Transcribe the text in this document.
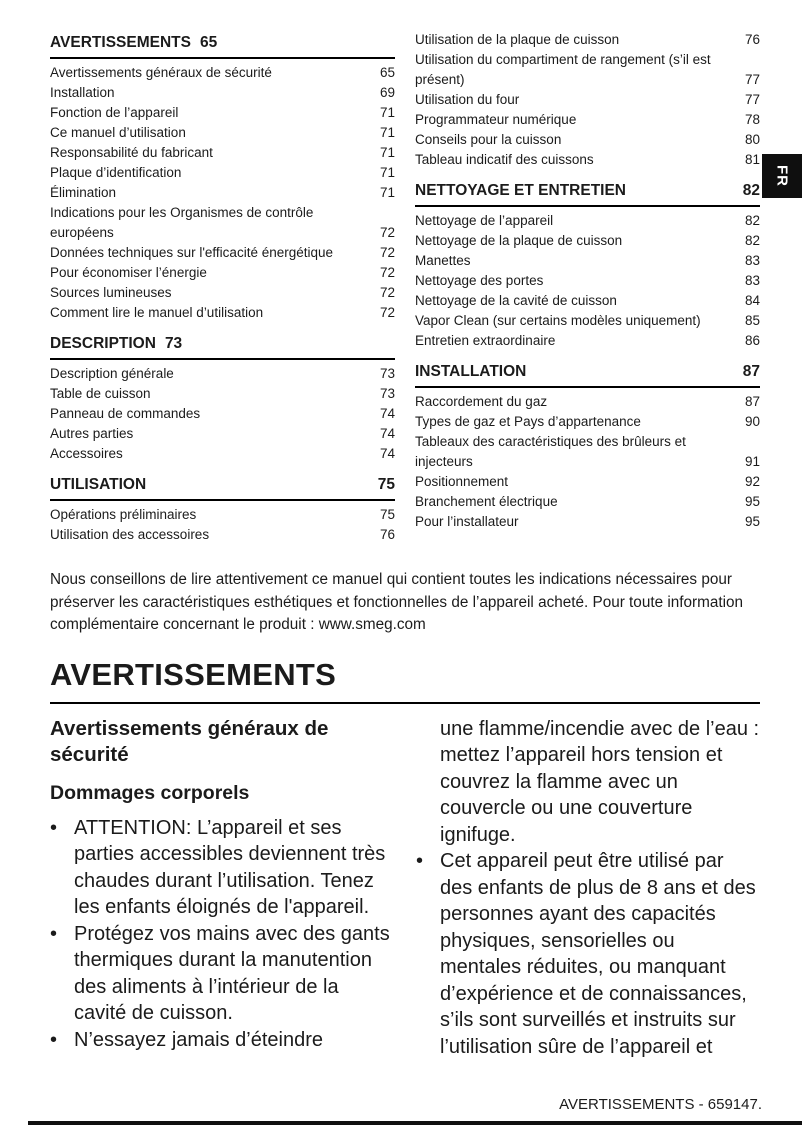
FR
AVERTISSEMENTS 65
Avertissements généraux de sécurité	65
Installation	69
Fonction de l’appareil	71
Ce manuel d’utilisation	71
Responsabilité du fabricant	71
Plaque d’identification	71
Élimination	71
Indications pour les Organismes de contrôle européens	72
Données techniques sur l'efficacité énergétique	72
Pour économiser l’énergie	72
Sources lumineuses	72
Comment lire le manuel d’utilisation	72
DESCRIPTION 73
Description générale	73
Table de cuisson	73
Panneau de commandes	74
Autres parties	74
Accessoires	74
UTILISATION	75
Opérations préliminaires	75
Utilisation des accessoires	76
Utilisation de la plaque de cuisson	76
Utilisation du compartiment de rangement (s’il est présent)	77
Utilisation du four	77
Programmateur numérique	78
Conseils pour la cuisson	80
Tableau indicatif des cuissons	81
NETTOYAGE ET ENTRETIEN	82
Nettoyage de l’appareil	82
Nettoyage de la plaque de cuisson	82
Manettes	83
Nettoyage des portes	83
Nettoyage de la cavité de cuisson	84
Vapor Clean (sur certains modèles uniquement)	85
Entretien extraordinaire	86
INSTALLATION	87
Raccordement du gaz	87
Types de gaz et Pays d’appartenance	90
Tableaux des caractéristiques des brûleurs et injecteurs	91
Positionnement	92
Branchement électrique	95
Pour l’installateur	95

Nous conseillons de lire attentivement ce manuel qui contient toutes les indications nécessaires pour préserver les caractéristiques esthétiques et fonctionnelles de l’appareil acheté. Pour toute information complémentaire concernant le produit : www.smeg.com

AVERTISSEMENTS
Avertissements généraux de sécurité
Dommages corporels
• ATTENTION: L’appareil et ses parties accessibles deviennent très chaudes durant l’utilisation. Tenez les enfants éloignés de l'appareil.
• Protégez vos mains avec des gants thermiques durant la manutention des aliments à l’intérieur de la cavité de cuisson.
• N’essayez jamais d’éteindre

une flamme/incendie avec de l’eau : mettez l’appareil hors tension et couvrez la flamme avec un couvercle ou une couverture ignifuge.

• Cet appareil peut être utilisé par des enfants de plus de 8 ans et des personnes ayant des capacités physiques, sensorielles ou mentales réduites, ou manquant d’expérience et de connaissances, s’ils sont surveillés et instruits sur l’utilisation sûre de l’appareil et
AVERTISSEMENTS - 659147.
